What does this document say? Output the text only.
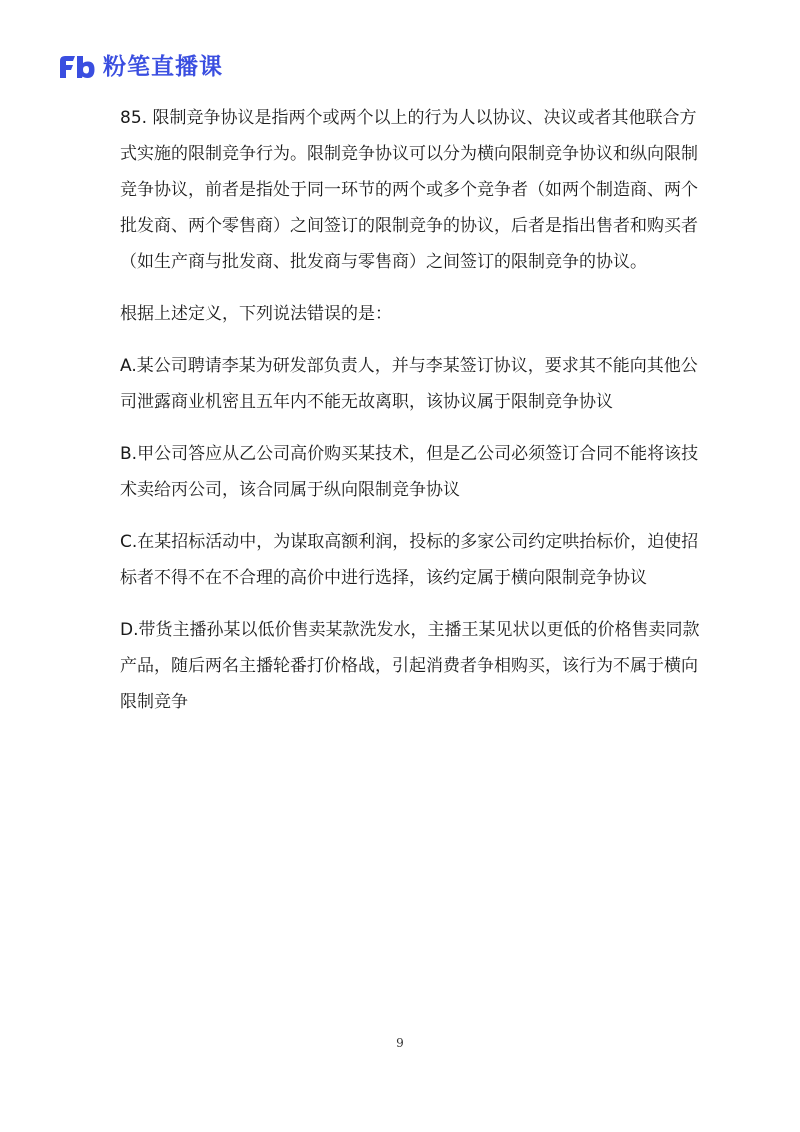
粉笔直播课

85. 限制竞争协议是指两个或两个以上的行为人以协议、决议或者其他联合方式实施的限制竞争行为。限制竞争协议可以分为横向限制竞争协议和纵向限制竞争协议，前者是指处于同一环节的两个或多个竞争者（如两个制造商、两个批发商、两个零售商）之间签订的限制竞争的协议，后者是指出售者和购买者（如生产商与批发商、批发商与零售商）之间签订的限制竞争的协议。

根据上述定义，下列说法错误的是：

A.某公司聘请李某为研发部负责人，并与李某签订协议，要求其不能向其他公司泄露商业机密且五年内不能无故离职，该协议属于限制竞争协议

B.甲公司答应从乙公司高价购买某技术，但是乙公司必须签订合同不能将该技术卖给丙公司，该合同属于纵向限制竞争协议

C.在某招标活动中，为谋取高额利润，投标的多家公司约定哄抬标价，迫使招标者不得不在不合理的高价中进行选择，该约定属于横向限制竞争协议

D.带货主播孙某以低价售卖某款洗发水，主播王某见状以更低的价格售卖同款产品，随后两名主播轮番打价格战，引起消费者争相购买，该行为不属于横向限制竞争

9
